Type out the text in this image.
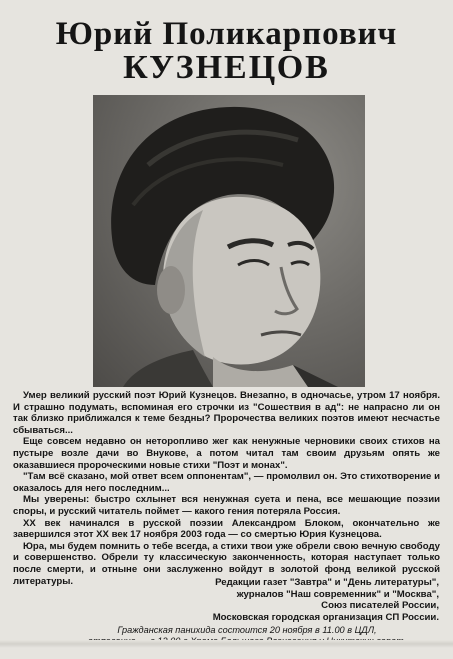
Юрий Поликарпович
КУЗНЕЦОВ

Умер великий русский поэт Юрий Кузнецов. Внезапно, в одночасье, утром 17 ноября. И страшно подумать, вспоминая его строчки из "Сошествия в ад": не напрасно ли он так близко приближался к теме бездны? Пророчества великих поэтов имеют несчастье сбываться...

Еще совсем недавно он неторопливо жег как ненужные черновики своих стихов на пустыре возле дачи во Внукове, а потом читал там своим друзьям опять же оказавшиеся пророческими новые стихи "Поэт и монах".

"Там всё сказано, мой ответ всем оппонентам", — промолвил он. Это стихотворение и оказалось для него последним...

Мы уверены: быстро схлынет вся ненужная суета и пена, все мешающие поэзии споры, и русский читатель поймет — какого гения потеряла Россия.

XX век начинался в русской поэзии Александром Блоком, окончательно же завершился этот XX век 17 ноября 2003 года — со смертью Юрия Кузнецова.

Юра, мы будем помнить о тебе всегда, а стихи твои уже обрели свою вечную свободу и совершенство. Обрели ту классическую законченность, которая наступает только после смерти, и отныне они заслуженно войдут в золотой фонд великой русской литературы.	Редакции газет "Завтра" и "День литературы",
журналов "Наш современник" и "Москва",
Союз писателей России,
Московская городская организация СП России.
Гражданская панихида состоится 20 ноября в 11.00 в ЦДЛ,
